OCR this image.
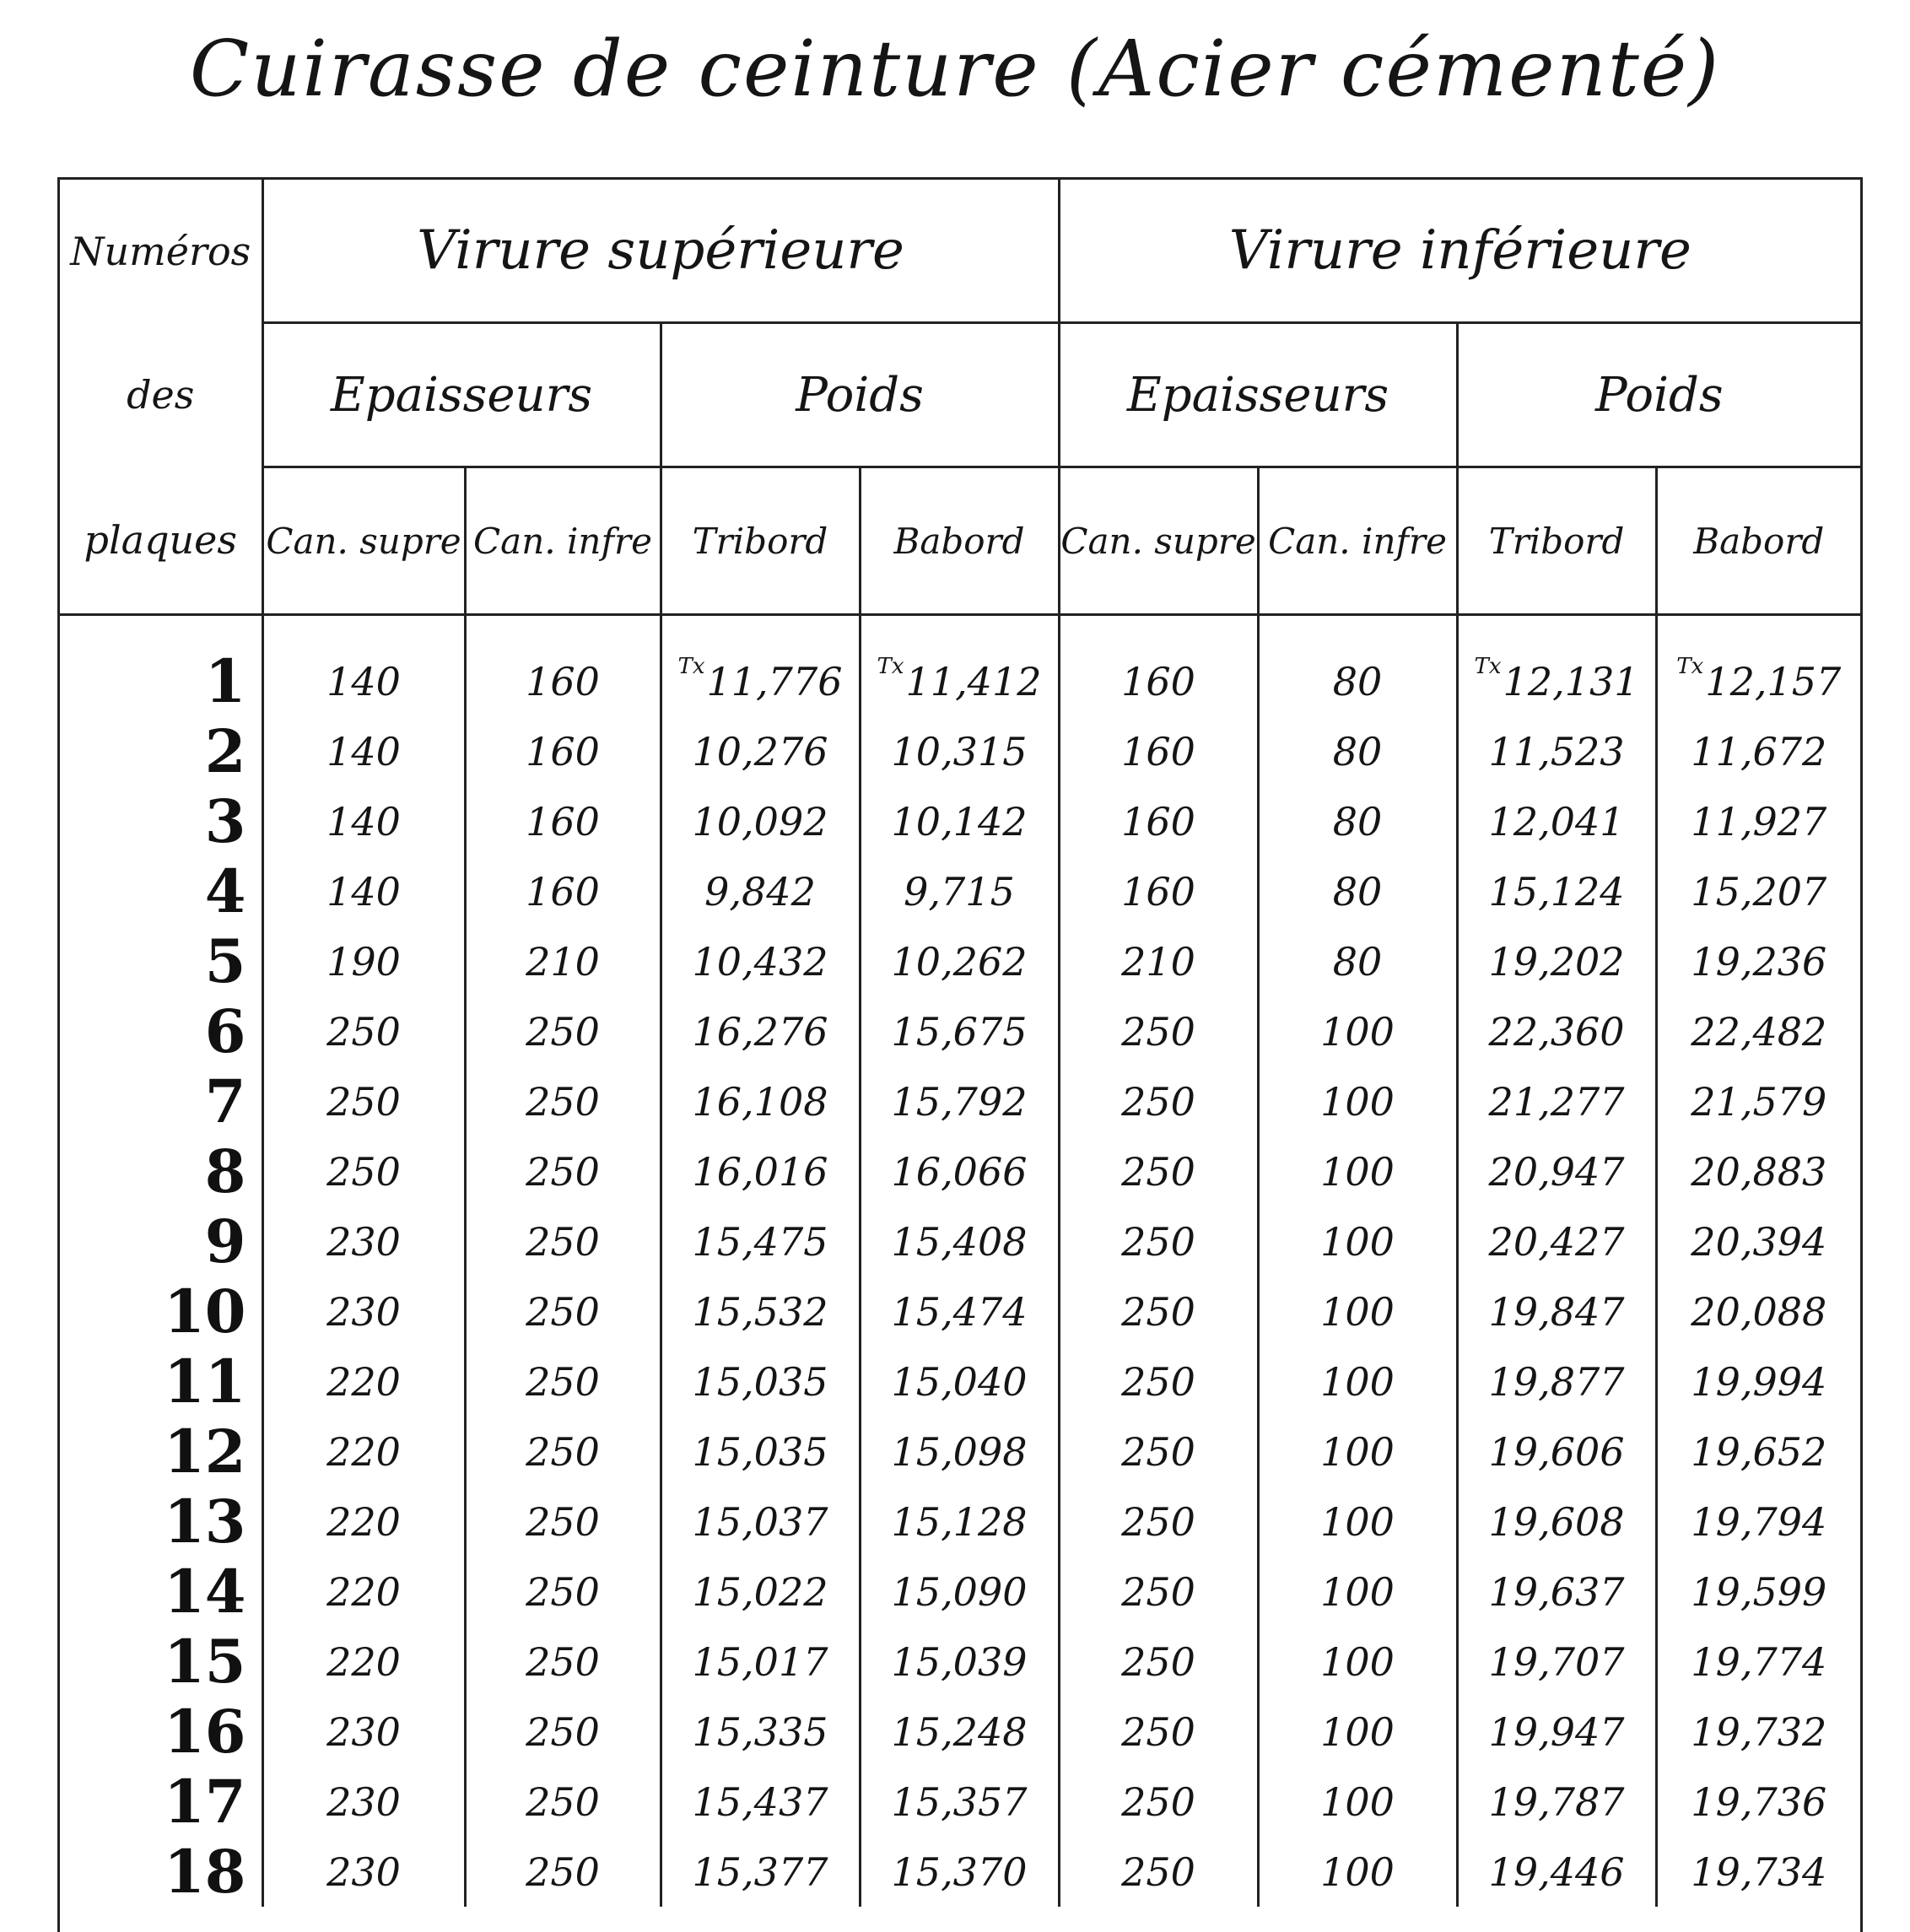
Cuirasse de ceinture (Acier cémenté)
Numéros	Virure supérieure				Virure inférieure			
des	Epaisseurs		Poids		Epaisseurs		Poids	
plaques	Can. supre	Can. infre	Tribord	Babord	Can. supre	Can. infre	Tribord	Babord

1	140	160	$^{Tx}$11,776	$^{Tx}$11,412	160	80	$^{Tx}$12,131	$^{Tx}$12,157
2	140	160	10,276	10,315	160	80	11,523	11,672
3	140	160	10,092	10,142	160	80	12,041	11,927
4	140	160	9,842	9,715	160	80	15,124	15,207
5	190	210	10,432	10,262	210	80	19,202	19,236
6	250	250	16,276	15,675	250	100	22,360	22,482
7	250	250	16,108	15,792	250	100	21,277	21,579
8	250	250	16,016	16,066	250	100	20,947	20,883
9	230	250	15,475	15,408	250	100	20,427	20,394
10	230	250	15,532	15,474	250	100	19,847	20,088
11	220	250	15,035	15,040	250	100	19,877	19,994
12	220	250	15,035	15,098	250	100	19,606	19,652
13	220	250	15,037	15,128	250	100	19,608	19,794
14	220	250	15,022	15,090	250	100	19,637	19,599
15	220	250	15,017	15,039	250	100	19,707	19,774
16	230	250	15,335	15,248	250	100	19,947	19,732
17	230	250	15,437	15,357	250	100	19,787	19,736
18	230	250	15,377	15,370	250	100	19,446	19,734
